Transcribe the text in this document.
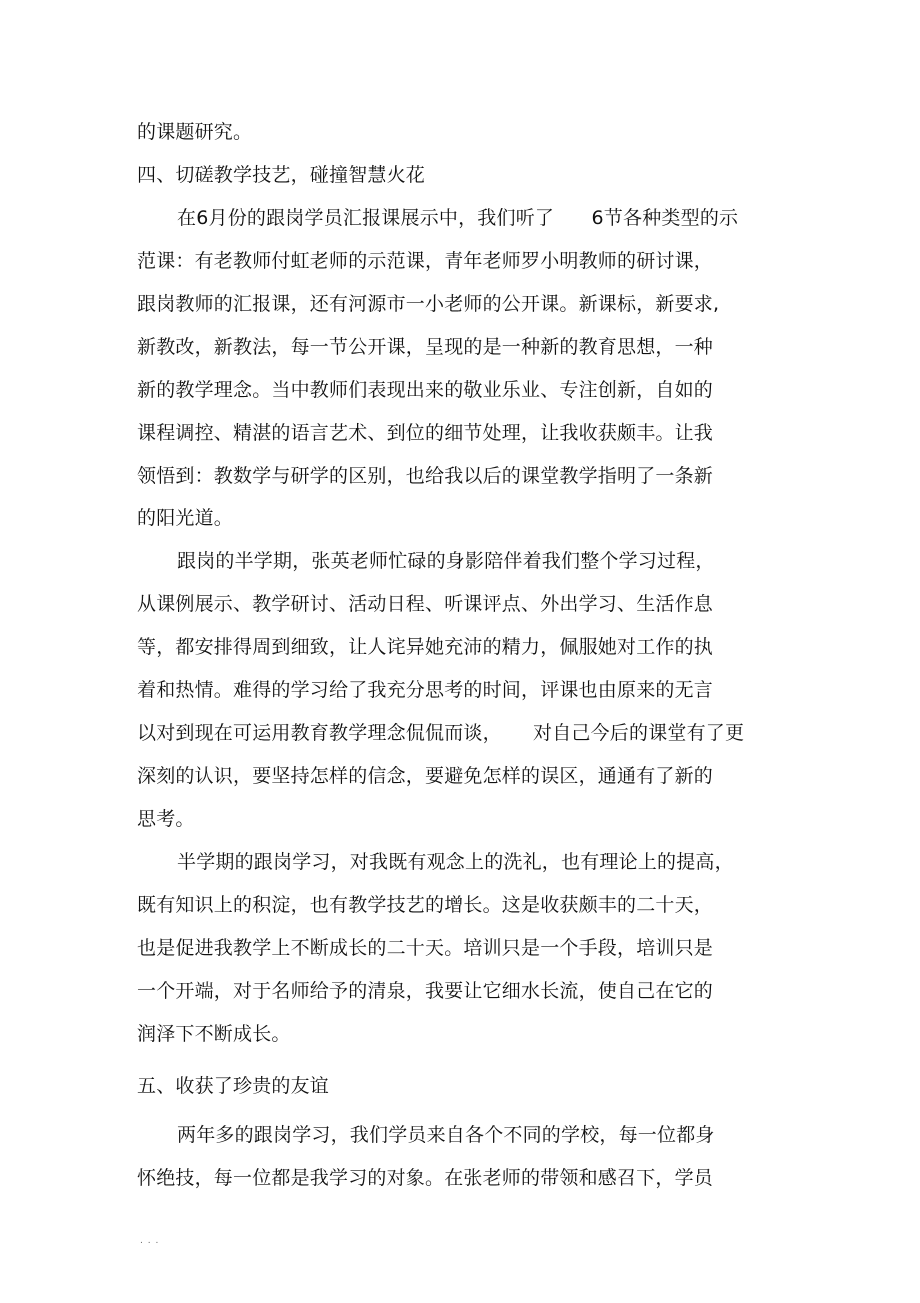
的课题研究。
四、切磋教学技艺，碰撞智慧火花
在6月份的跟岗学员汇报课展示中，我们听了      6节各种类型的示
范课：有老教师付虹老师的示范课，青年老师罗小明教师的研讨课，
跟岗教师的汇报课，还有河源市一小老师的公开课。新课标，新要求,
新教改，新教法，每一节公开课，呈现的是一种新的教育思想，一种
新的教学理念。当中教师们表现出来的敬业乐业、专注创新，自如的
课程调控、精湛的语言艺术、到位的细节处理，让我收获颇丰。让我
领悟到：教数学与研学的区别，也给我以后的课堂教学指明了一条新
的阳光道。
跟岗的半学期，张英老师忙碌的身影陪伴着我们整个学习过程，
从课例展示、教学研讨、活动日程、听课评点、外出学习、生活作息
等，都安排得周到细致，让人诧异她充沛的精力，佩服她对工作的执
着和热情。难得的学习给了我充分思考的时间，评课也由原来的无言
以对到现在可运用教育教学理念侃侃而谈，     对自己今后的课堂有了更
深刻的认识，要坚持怎样的信念，要避免怎样的误区，通通有了新的
思考。
半学期的跟岗学习，对我既有观念上的洗礼，也有理论上的提高，
既有知识上的积淀，也有教学技艺的增长。这是收获颇丰的二十天，
也是促进我教学上不断成长的二十天。培训只是一个手段，培训只是
一个开端，对于名师给予的清泉，我要让它细水长流，使自己在它的
润泽下不断成长。
五、收获了珍贵的友谊
两年多的跟岗学习，我们学员来自各个不同的学校，每一位都身
怀绝技，每一位都是我学习的对象。在张老师的带领和感召下，学员
. . .
